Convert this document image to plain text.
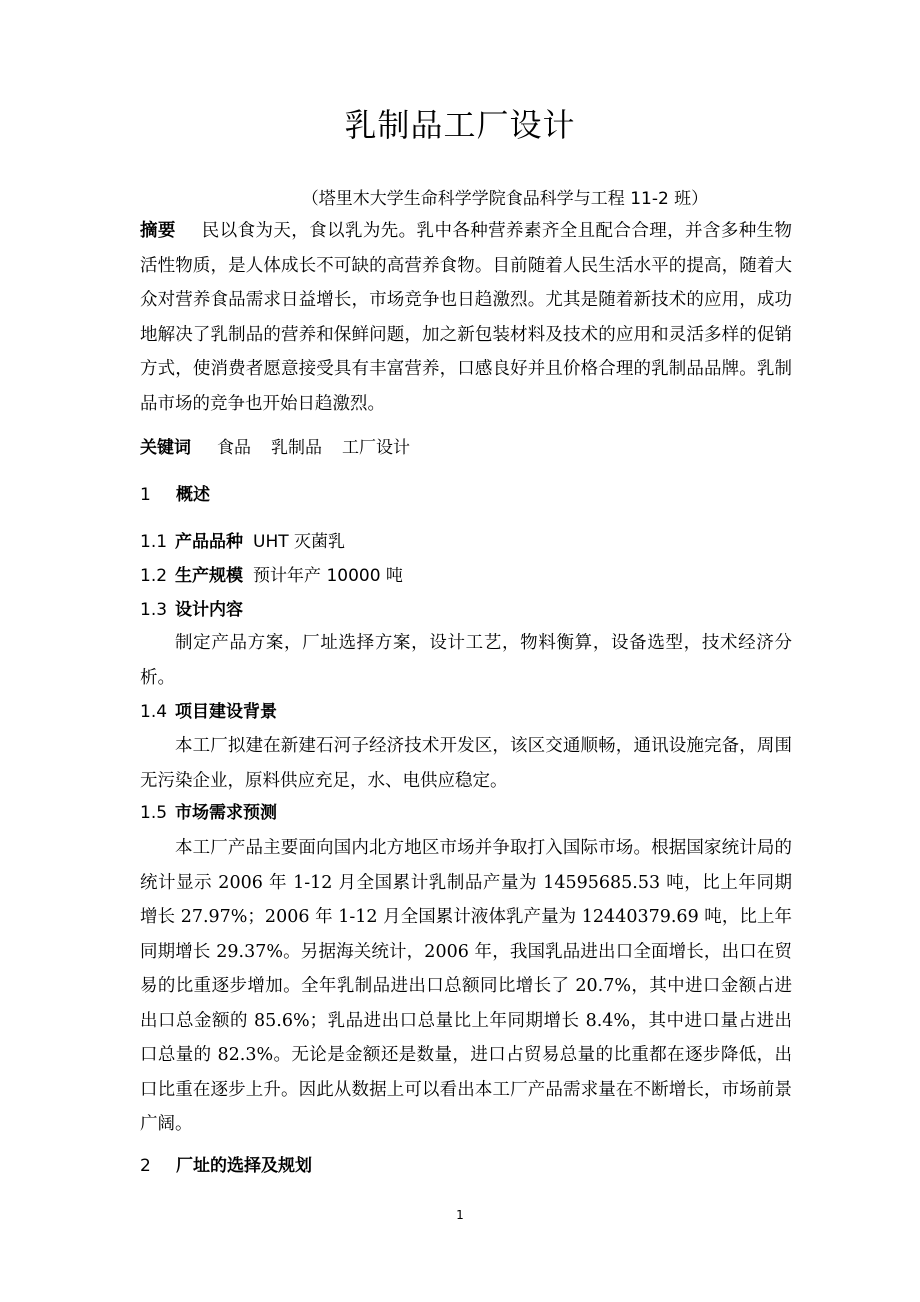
乳制品工厂设计

（塔里木大学生命科学学院食品科学与工程 11-2 班）

摘要 民以食为天，食以乳为先。乳中各种营养素齐全且配合合理，并含多种生物活性物质，是人体成长不可缺的高营养食物。目前随着人民生活水平的提高，随着大众对营养食品需求日益增长，市场竞争也日趋激烈。尤其是随着新技术的应用，成功地解决了乳制品的营养和保鲜问题，加之新包装材料及技术的应用和灵活多样的促销方式，使消费者愿意接受具有丰富营养，口感良好并且价格合理的乳制品品牌。乳制品市场的竞争也开始日趋激烈。

关键词 食品 乳制品 工厂设计

1 概述

1.1 产品品种 UHT 灭菌乳

1.2 生产规模 预计年产 10000 吨

1.3 设计内容

制定产品方案，厂址选择方案，设计工艺，物料衡算，设备选型，技术经济分析。

1.4 项目建设背景

本工厂拟建在新建石河子经济技术开发区，该区交通顺畅，通讯设施完备，周围无污染企业，原料供应充足，水、电供应稳定。

1.5 市场需求预测

本工厂产品主要面向国内北方地区市场并争取打入国际市场。根据国家统计局的统计显示 2006 年 1-12 月全国累计乳制品产量为 14595685.53 吨，比上年同期增长 27.97%；2006 年 1-12 月全国累计液体乳产量为 12440379.69 吨，比上年同期增长 29.37%。另据海关统计，2006 年，我国乳品进出口全面增长，出口在贸易的比重逐步增加。全年乳制品进出口总额同比增长了 20.7%，其中进口金额占进出口总金额的 85.6%；乳品进出口总量比上年同期增长 8.4%，其中进口量占进出口总量的 82.3%。无论是金额还是数量，进口占贸易总量的比重都在逐步降低，出口比重在逐步上升。因此从数据上可以看出本工厂产品需求量在不断增长，市场前景广阔。

2 厂址的选择及规划

1
